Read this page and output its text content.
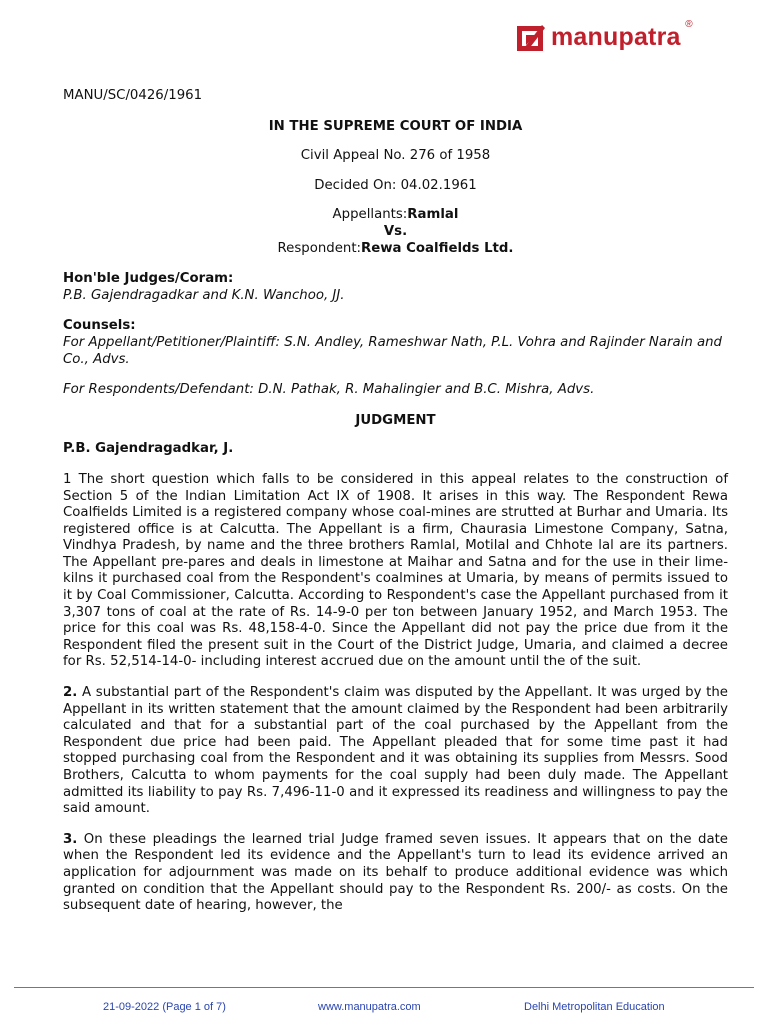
manupatra ®
MANU/SC/0426/1961
IN THE SUPREME COURT OF INDIA
Civil Appeal No. 276 of 1958
Decided On: 04.02.1961
Appellants:Ramlal
Vs.
Respondent:Rewa Coalfields Ltd.
Hon'ble Judges/Coram:
P.B. Gajendragadkar and K.N. Wanchoo, JJ.
Counsels:
For Appellant/Petitioner/Plaintiff: S.N. Andley, Rameshwar Nath, P.L. Vohra and Rajinder Narain and Co., Advs.
For Respondents/Defendant: D.N. Pathak, R. Mahalingier and B.C. Mishra, Advs.
JUDGMENT
P.B. Gajendragadkar, J.

1 The short question which falls to be considered in this appeal relates to the construction of Section 5 of the Indian Limitation Act IX of 1908. It arises in this way. The Respondent Rewa Coalfields Limited is a registered company whose coal-mines are strutted at Burhar and Umaria. Its registered office is at Calcutta. The Appellant is a firm, Chaurasia Limestone Company, Satna, Vindhya Pradesh, by name and the three brothers Ramlal, Motilal and Chhote lal are its partners. The Appellant pre-pares and deals in limestone at Maihar and Satna and for the use in their lime-kilns it purchased coal from the Respondent's coalmines at Umaria, by means of permits issued to it by Coal Commissioner, Calcutta. According to Respondent's case the Appellant purchased from it 3,307 tons of coal at the rate of Rs. 14-9-0 per ton between January 1952, and March 1953. The price for this coal was Rs. 48,158-4-0. Since the Appellant did not pay the price due from it the Respondent filed the present suit in the Court of the District Judge, Umaria, and claimed a decree for Rs. 52,514-14-0- including interest accrued due on the amount until the of the suit.

2. A substantial part of the Respondent's claim was disputed by the Appellant. It was urged by the Appellant in its written statement that the amount claimed by the Respondent had been arbitrarily calculated and that for a substantial part of the coal purchased by the Appellant from the Respondent due price had been paid. The Appellant pleaded that for some time past it had stopped purchasing coal from the Respondent and it was obtaining its supplies from Messrs. Sood Brothers, Calcutta to whom payments for the coal supply had been duly made. The Appellant admitted its liability to pay Rs. 7,496-11-0 and it expressed its readiness and willingness to pay the said amount.

3. On these pleadings the learned trial Judge framed seven issues. It appears that on the date when the Respondent led its evidence and the Appellant's turn to lead its evidence arrived an application for adjournment was made on its behalf to produce additional evidence was which granted on condition that the Appellant should pay to the Respondent Rs. 200/- as costs. On the subsequent date of hearing, however, the

21-09-2022 (Page 1 of 7)	www.manupatra.com	Delhi Metropolitan Education
